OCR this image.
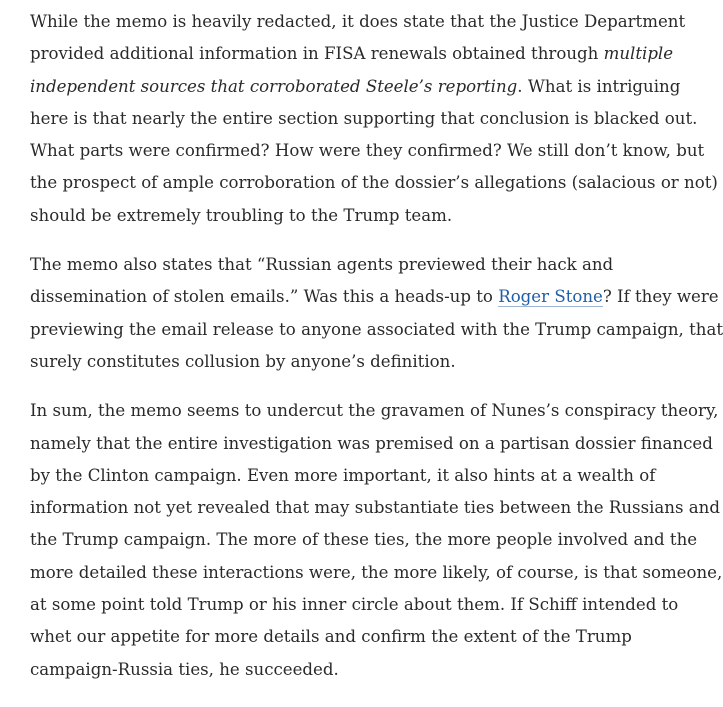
While the memo is heavily redacted, it does state that the Justice Department
provided additional information in FISA renewals obtained through multiple
independent sources that corroborated Steele’s reporting. What is intriguing
here is that nearly the entire section supporting that conclusion is blacked out.
What parts were confirmed? How were they confirmed? We still don’t know, but
the prospect of ample corroboration of the dossier’s allegations (salacious or not)
should be extremely troubling to the Trump team.

The memo also states that “Russian agents previewed their hack and
dissemination of stolen emails.” Was this a heads-up to Roger Stone? If they were
previewing the email release to anyone associated with the Trump campaign, that
surely constitutes collusion by anyone’s definition.

In sum, the memo seems to undercut the gravamen of Nunes’s conspiracy theory,
namely that the entire investigation was premised on a partisan dossier financed
by the Clinton campaign. Even more important, it also hints at a wealth of
information not yet revealed that may substantiate ties between the Russians and
the Trump campaign. The more of these ties, the more people involved and the
more detailed these interactions were, the more likely, of course, is that someone,
at some point told Trump or his inner circle about them. If Schiff intended to
whet our appetite for more details and confirm the extent of the Trump
campaign-Russia ties, he succeeded.
